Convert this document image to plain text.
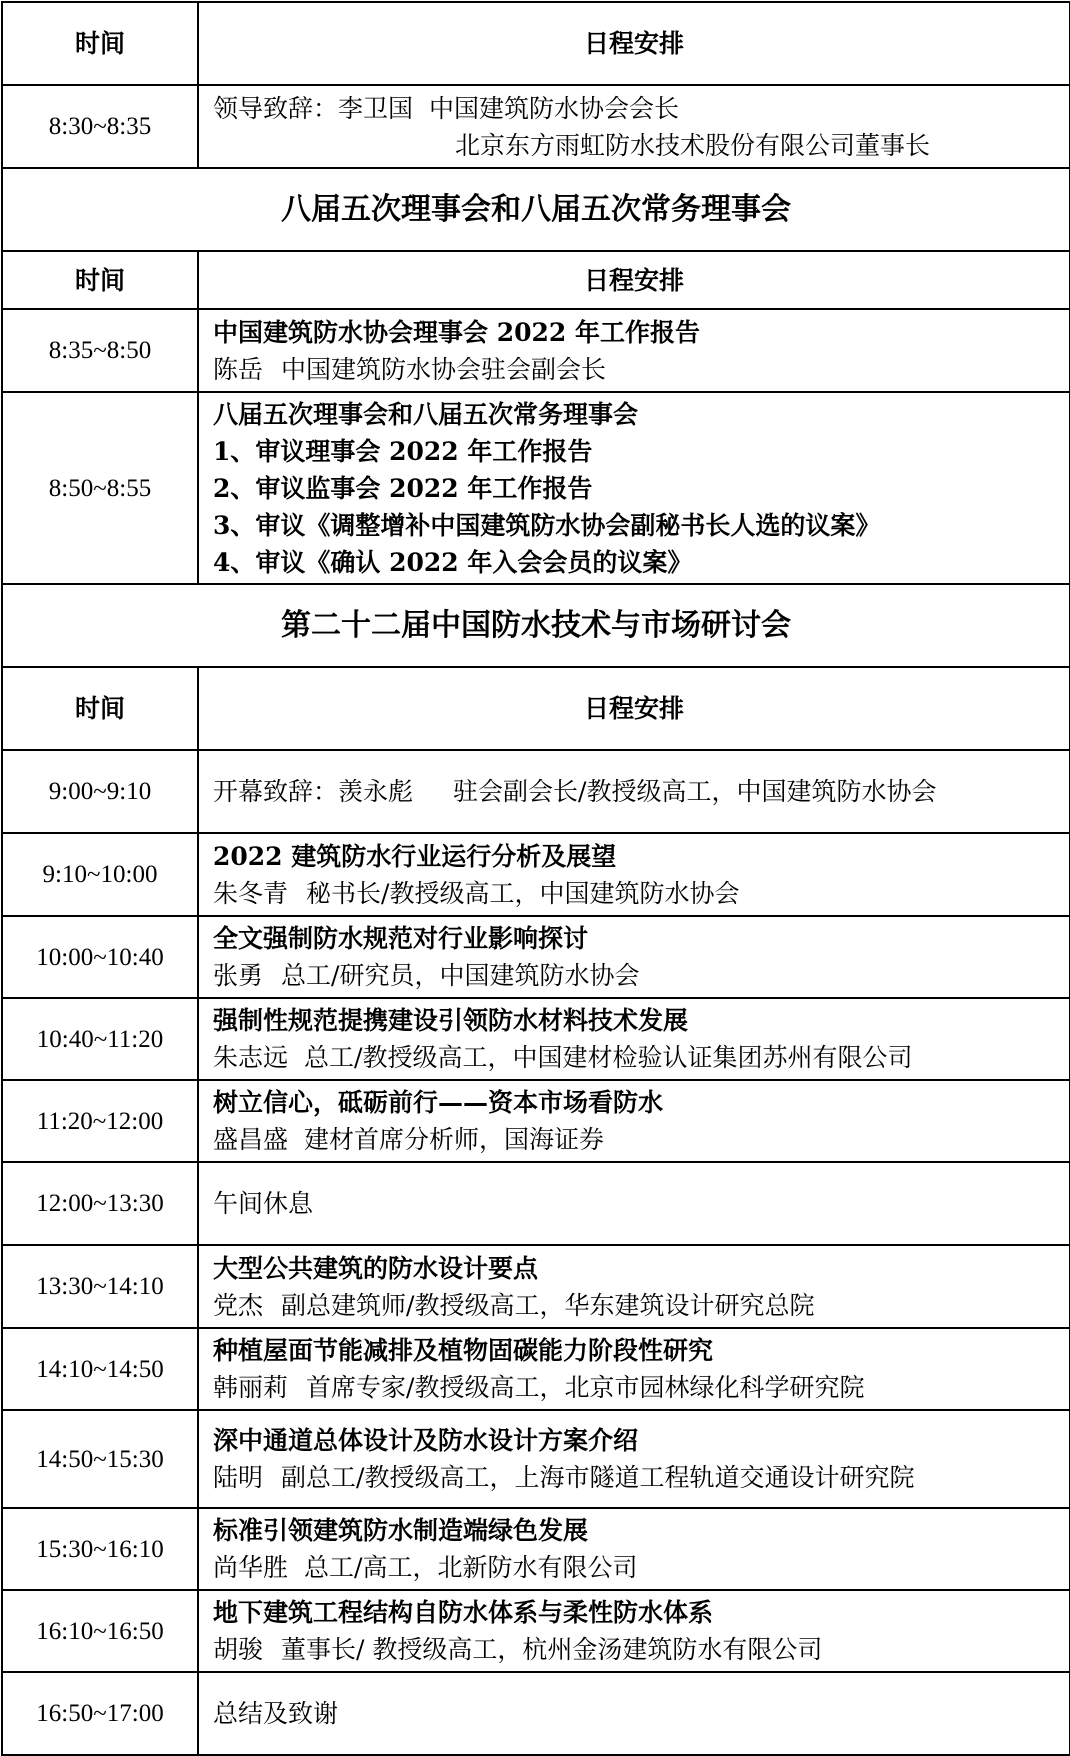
时间	日程安排
8:30~8:35	领导致辞：李卫国 中国建筑防水协会会长
北京东方雨虹防水技术股份有限公司董事长

八届五次理事会和八届五次常务理事会	
时间	日程安排
8:35~8:50	中国建筑防水协会理事会 2022 年工作报告
陈岳 中国建筑防水协会驻会副会长

8:50~8:55	八届五次理事会和八届五次常务理事会
1、审议理事会 2022 年工作报告
2、审议监事会 2022 年工作报告
3、审议《调整增补中国建筑防水协会副秘书长人选的议案》
4、审议《确认 2022 年入会会员的议案》

第二十二届中国防水技术与市场研讨会	
时间	日程安排
9:00~9:10	开幕致辞：羡永彪 驻会副会长/教授级高工，中国建筑防水协会

9:10~10:00	2022 建筑防水行业运行分析及展望
朱冬青 秘书长/教授级高工，中国建筑防水协会

10:00~10:40	全文强制防水规范对行业影响探讨
张勇 总工/研究员，中国建筑防水协会

10:40~11:20	强制性规范提携建设引领防水材料技术发展
朱志远 总工/教授级高工，中国建材检验认证集团苏州有限公司

11:20~12:00	树立信心，砥砺前行——资本市场看防水
盛昌盛 建材首席分析师，国海证券

12:00~13:30	午间休息

13:30~14:10	大型公共建筑的防水设计要点
党杰 副总建筑师/教授级高工，华东建筑设计研究总院

14:10~14:50	种植屋面节能减排及植物固碳能力阶段性研究
韩丽莉 首席专家/教授级高工，北京市园林绿化科学研究院

14:50~15:30	深中通道总体设计及防水设计方案介绍
陆明 副总工/教授级高工，上海市隧道工程轨道交通设计研究院

15:30~16:10	标准引领建筑防水制造端绿色发展
尚华胜 总工/高工，北新防水有限公司

16:10~16:50	地下建筑工程结构自防水体系与柔性防水体系
胡骏 董事长/ 教授级高工，杭州金汤建筑防水有限公司

16:50~17:00	总结及致谢
